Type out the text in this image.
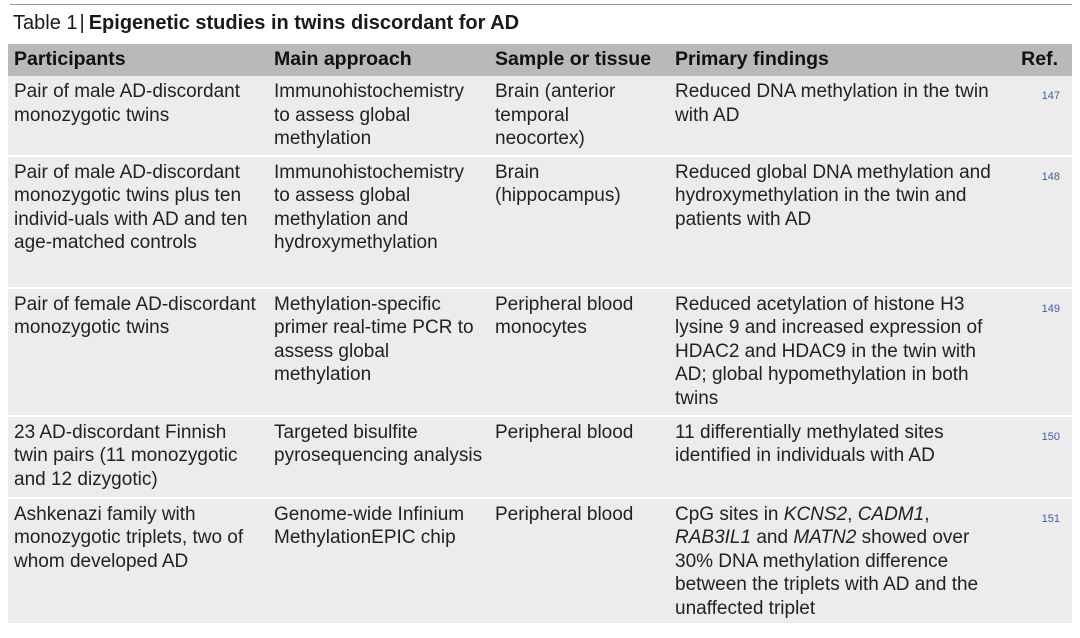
Table 1 | Epigenetic studies in twins discordant for AD
Participants	Main approach	Sample or tissue	Primary findings	Ref.
Pair of male AD-discordant monozygotic twins	Immunohistochemistry to assess global methylation	Brain (anterior temporal neocortex)	Reduced DNA methylation in the twin with AD	147
Pair of male AD-discordant monozygotic twins plus ten individ-uals with AD and ten age-matched controls	Immunohistochemistry to assess global methylation and hydroxymethylation	Brain (hippocampus)	Reduced global DNA methylation and hydroxymethylation in the twin and patients with AD	148
Pair of female AD-discordant monozygotic twins	Methylation-specific primer real-time PCR to assess global methylation	Peripheral blood monocytes	Reduced acetylation of histone H3 lysine 9 and increased expression of HDAC2 and HDAC9 in the twin with AD; global hypomethylation in both twins	149
23 AD-discordant Finnish twin pairs (11 monozygotic and 12 dizygotic)	Targeted bisulfite pyrosequencing analysis	Peripheral blood	11 differentially methylated sites identified in individuals with AD	150
Ashkenazi family with monozygotic triplets, two of whom developed AD	Genome-wide Infinium MethylationEPIC chip	Peripheral blood	CpG sites in KCNS2, CADM1, RAB3IL1 and MATN2 showed over 30% DNA methylation difference between the triplets with AD and the unaffected triplet	151
